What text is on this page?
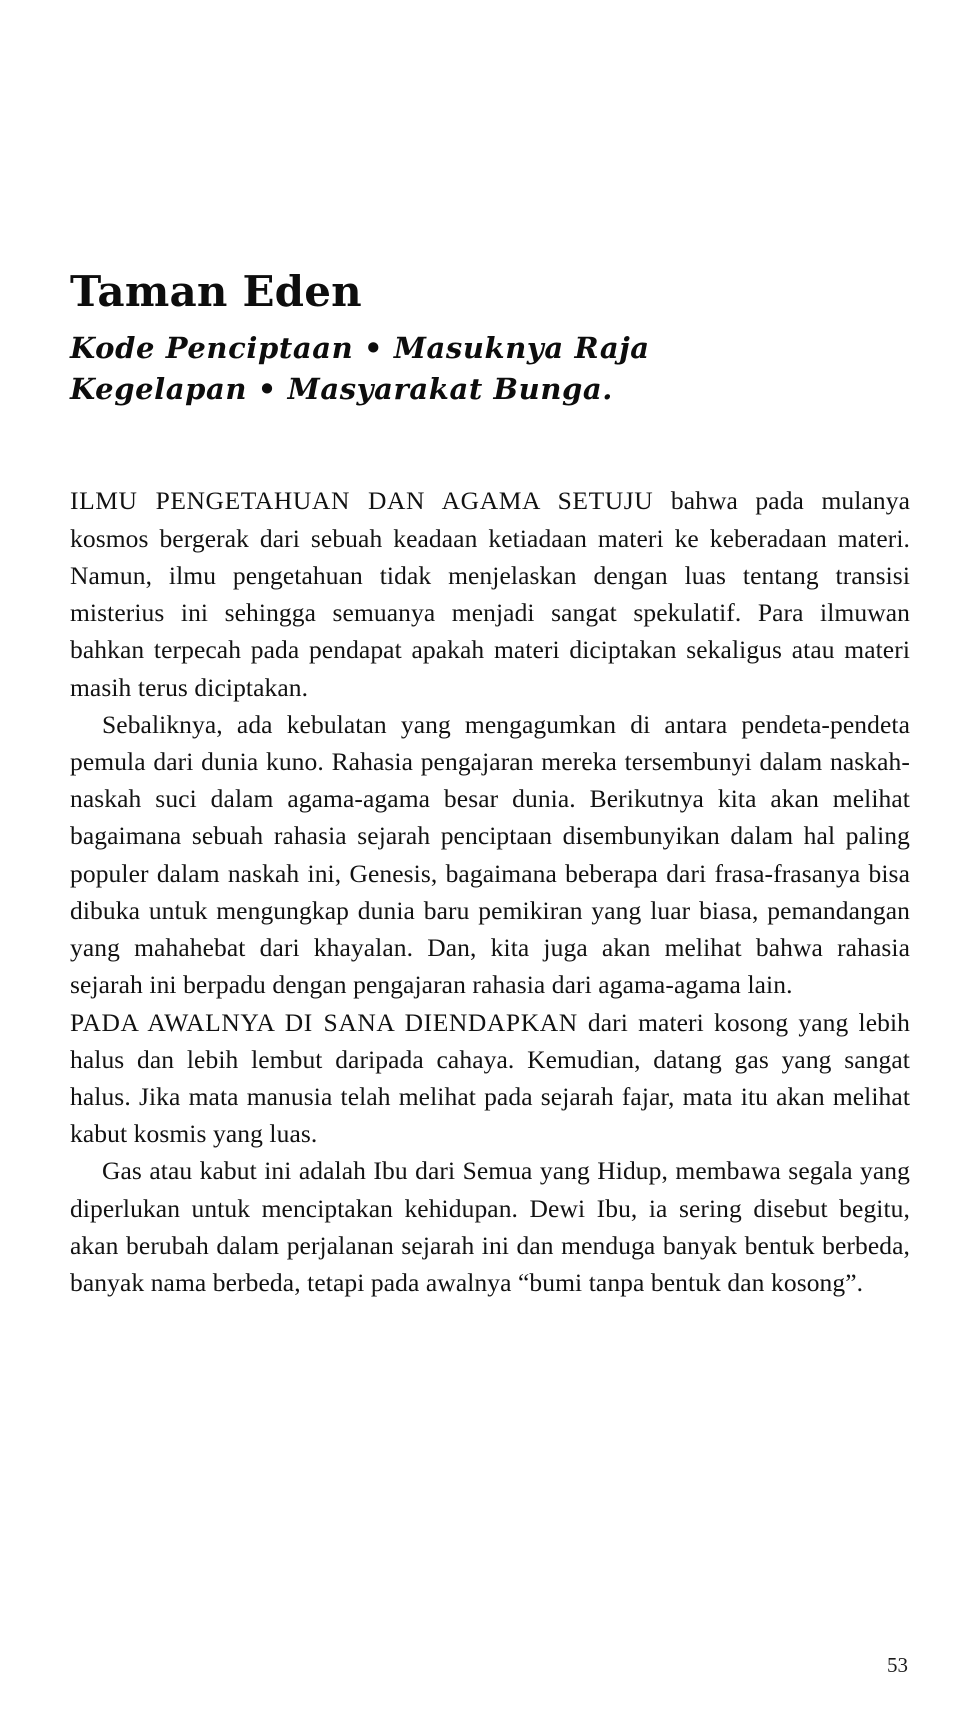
Taman Eden
Kode Penciptaan • Masuknya Raja Kegelapan • Masyarakat Bunga.

ILMU PENGETAHUAN DAN AGAMA SETUJU bahwa pada mulanya kosmos bergerak dari sebuah keadaan ketiadaan materi ke keberadaan materi. Namun, ilmu pengetahuan tidak menjelaskan dengan luas tentang transisi misterius ini sehingga semuanya menjadi sangat spekulatif. Para ilmuwan bahkan terpecah pada pendapat apakah materi diciptakan sekaligus atau materi masih terus diciptakan.

Sebaliknya, ada kebulatan yang mengagumkan di antara pendeta-pendeta pemula dari dunia kuno. Rahasia pengajaran mereka tersembunyi dalam naskah-naskah suci dalam agama-agama besar dunia. Berikutnya kita akan melihat bagaimana sebuah rahasia sejarah penciptaan disembunyikan dalam hal paling populer dalam naskah ini, Genesis, bagaimana beberapa dari frasa-frasanya bisa dibuka untuk mengungkap dunia baru pemikiran yang luar biasa, pemandangan yang mahahebat dari khayalan. Dan, kita juga akan melihat bahwa rahasia sejarah ini berpadu dengan pengajaran rahasia dari agama-agama lain.

PADA AWALNYA DI SANA DIENDAPKAN dari materi kosong yang lebih halus dan lebih lembut daripada cahaya. Kemudian, datang gas yang sangat halus. Jika mata manusia telah melihat pada sejarah fajar, mata itu akan melihat kabut kosmis yang luas.

Gas atau kabut ini adalah Ibu dari Semua yang Hidup, membawa segala yang diperlukan untuk menciptakan kehidupan. Dewi Ibu, ia sering disebut begitu, akan berubah dalam perjalanan sejarah ini dan menduga banyak bentuk berbeda, banyak nama berbeda, tetapi pada awalnya “bumi tanpa bentuk dan kosong”.

53
